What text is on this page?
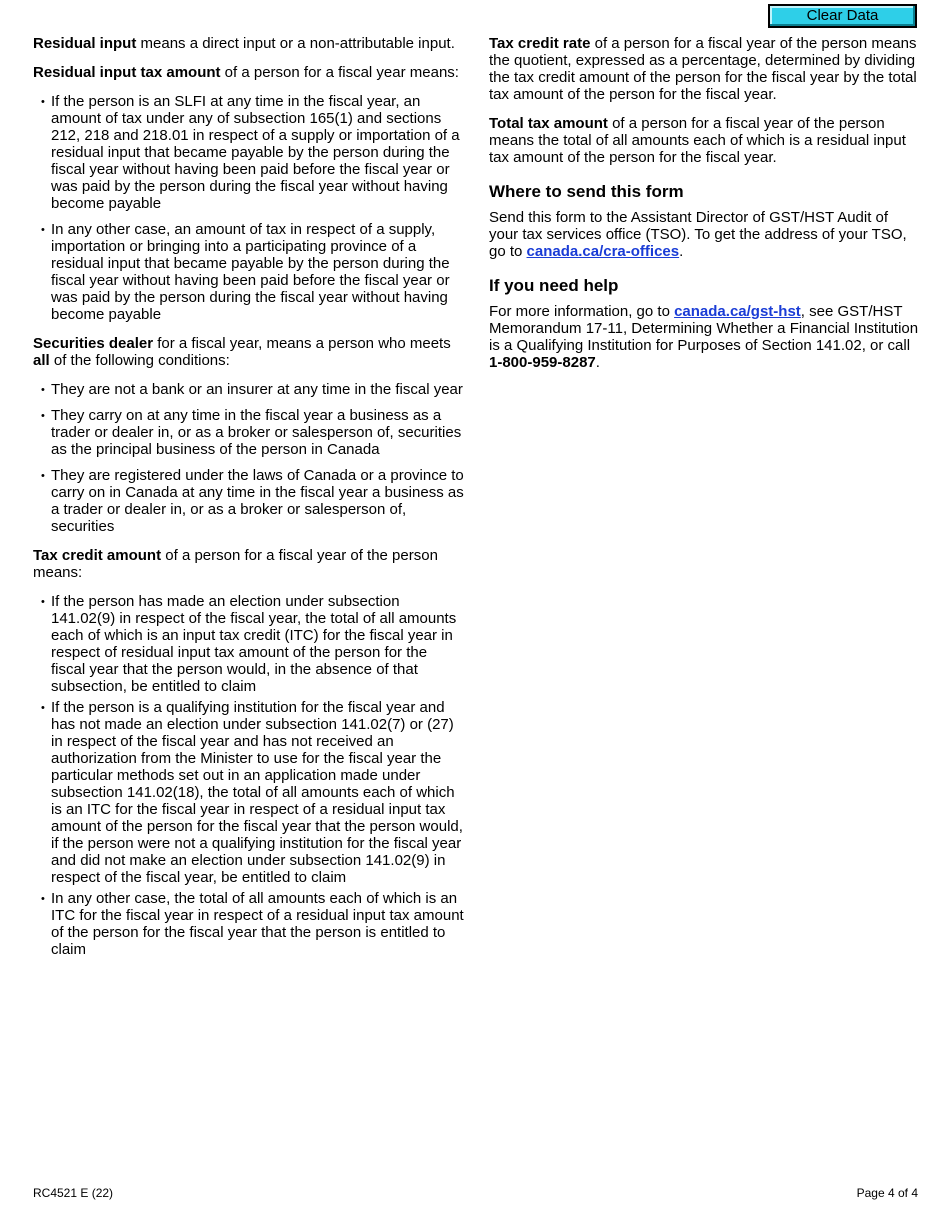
Clear Data

Residual input means a direct input or a non-attributable input.

Residual input tax amount of a person for a fiscal year means:

• If the person is an SLFI at any time in the fiscal year, an amount of tax under any of subsection 165(1) and sections 212, 218 and 218.01 in respect of a supply or importation of a residual input that became payable by the person during the fiscal year without having been paid before the fiscal year or was paid by the person during the fiscal year without having become payable
• In any other case, an amount of tax in respect of a supply, importation or bringing into a participating province of a residual input that became payable by the person during the fiscal year without having been paid before the fiscal year or was paid by the person during the fiscal year without having become payable

Securities dealer for a fiscal year, means a person who meets all of the following conditions:

• They are not a bank or an insurer at any time in the fiscal year
• They carry on at any time in the fiscal year a business as a trader or dealer in, or as a broker or salesperson of, securities as the principal business of the person in Canada
• They are registered under the laws of Canada or a province to carry on in Canada at any time in the fiscal year a business as a trader or dealer in, or as a broker or salesperson of, securities

Tax credit amount of a person for a fiscal year of the person means:

• If the person has made an election under subsection 141.02(9) in respect of the fiscal year, the total of all amounts each of which is an input tax credit (ITC) for the fiscal year in respect of residual input tax amount of the person for the fiscal year that the person would, in the absence of that subsection, be entitled to claim
• If the person is a qualifying institution for the fiscal year and has not made an election under subsection 141.02(7) or (27) in respect of the fiscal year and has not received an authorization from the Minister to use for the fiscal year the particular methods set out in an application made under subsection 141.02(18), the total of all amounts each of which is an ITC for the fiscal year in respect of a residual input tax amount of the person for the fiscal year that the person would, if the person were not a qualifying institution for the fiscal year and did not make an election under subsection 141.02(9) in respect of the fiscal year, be entitled to claim
• In any other case, the total of all amounts each of which is an ITC for the fiscal year in respect of a residual input tax amount of the person for the fiscal year that the person is entitled to claim

Tax credit rate of a person for a fiscal year of the person means the quotient, expressed as a percentage, determined by dividing the tax credit amount of the person for the fiscal year by the total tax amount of the person for the fiscal year.

Total tax amount of a person for a fiscal year of the person means the total of all amounts each of which is a residual input tax amount of the person for the fiscal year.

Where to send this form

Send this form to the Assistant Director of GST/HST Audit of your tax services office (TSO). To get the address of your TSO, go to canada.ca/cra-offices.

If you need help

For more information, go to canada.ca/gst-hst, see GST/HST Memorandum 17-11, Determining Whether a Financial Institution is a Qualifying Institution for Purposes of Section 141.02, or call 1-800-959-8287.

RC4521 E (22)	Page 4 of 4
